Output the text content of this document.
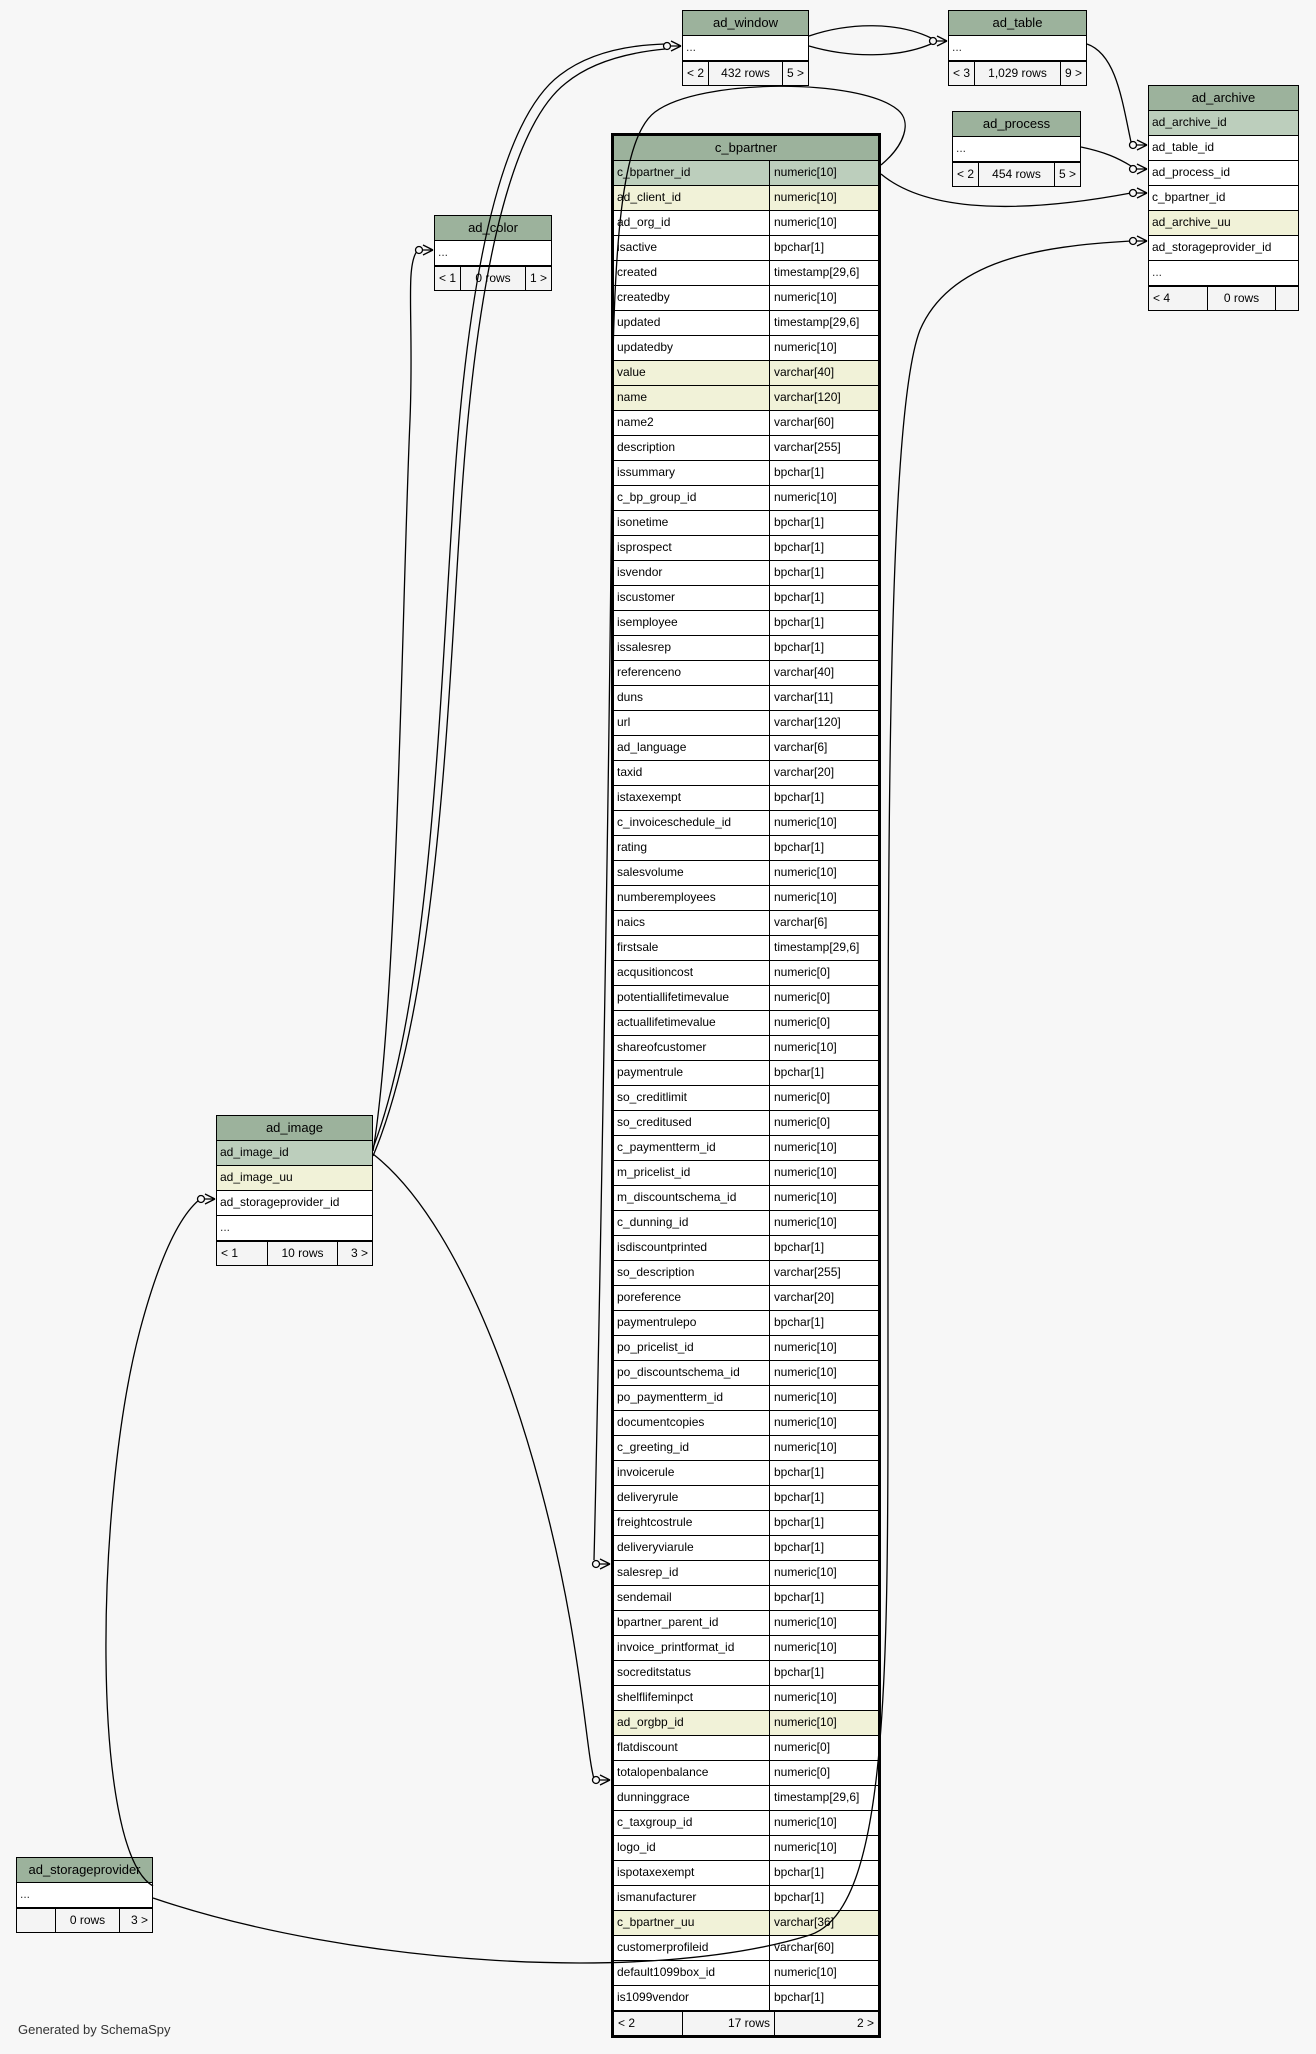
ad_window
...
< 2	432 rows	5 >
ad_table
...
< 3	1,029 rows	9 >
ad_process
...
< 2	454 rows	5 >
ad_archive
ad_archive_id
ad_table_id
ad_process_id
c_bpartner_id
ad_archive_uu
ad_storageprovider_id
...
< 4	0 rows
ad_color
...
< 1	0 rows	1 >
ad_image
ad_image_id
ad_image_uu
ad_storageprovider_id
...
< 1	10 rows	3 >
ad_storageprovider
...
0 rows	3 >
c_bpartner
c_bpartner_id	numeric[10]
ad_client_id	numeric[10]
ad_org_id	numeric[10]
isactive	bpchar[1]
created	timestamp[29,6]
createdby	numeric[10]
updated	timestamp[29,6]
updatedby	numeric[10]
value	varchar[40]
name	varchar[120]
name2	varchar[60]
description	varchar[255]
issummary	bpchar[1]
c_bp_group_id	numeric[10]
isonetime	bpchar[1]
isprospect	bpchar[1]
isvendor	bpchar[1]
iscustomer	bpchar[1]
isemployee	bpchar[1]
issalesrep	bpchar[1]
referenceno	varchar[40]
duns	varchar[11]
url	varchar[120]
ad_language	varchar[6]
taxid	varchar[20]
istaxexempt	bpchar[1]
c_invoiceschedule_id	numeric[10]
rating	bpchar[1]
salesvolume	numeric[10]
numberemployees	numeric[10]
naics	varchar[6]
firstsale	timestamp[29,6]
acqusitioncost	numeric[0]
potentiallifetimevalue	numeric[0]
actuallifetimevalue	numeric[0]
shareofcustomer	numeric[10]
paymentrule	bpchar[1]
so_creditlimit	numeric[0]
so_creditused	numeric[0]
c_paymentterm_id	numeric[10]
m_pricelist_id	numeric[10]
m_discountschema_id	numeric[10]
c_dunning_id	numeric[10]
isdiscountprinted	bpchar[1]
so_description	varchar[255]
poreference	varchar[20]
paymentrulepo	bpchar[1]
po_pricelist_id	numeric[10]
po_discountschema_id	numeric[10]
po_paymentterm_id	numeric[10]
documentcopies	numeric[10]
c_greeting_id	numeric[10]
invoicerule	bpchar[1]
deliveryrule	bpchar[1]
freightcostrule	bpchar[1]
deliveryviarule	bpchar[1]
salesrep_id	numeric[10]
sendemail	bpchar[1]
bpartner_parent_id	numeric[10]
invoice_printformat_id	numeric[10]
socreditstatus	bpchar[1]
shelflifeminpct	numeric[10]
ad_orgbp_id	numeric[10]
flatdiscount	numeric[0]
totalopenbalance	numeric[0]
dunninggrace	timestamp[29,6]
c_taxgroup_id	numeric[10]
logo_id	numeric[10]
ispotaxexempt	bpchar[1]
ismanufacturer	bpchar[1]
c_bpartner_uu	varchar[36]
customerprofileid	varchar[60]
default1099box_id	numeric[10]
is1099vendor	bpchar[1]
< 2	17 rows	2 >
Generated by SchemaSpy
